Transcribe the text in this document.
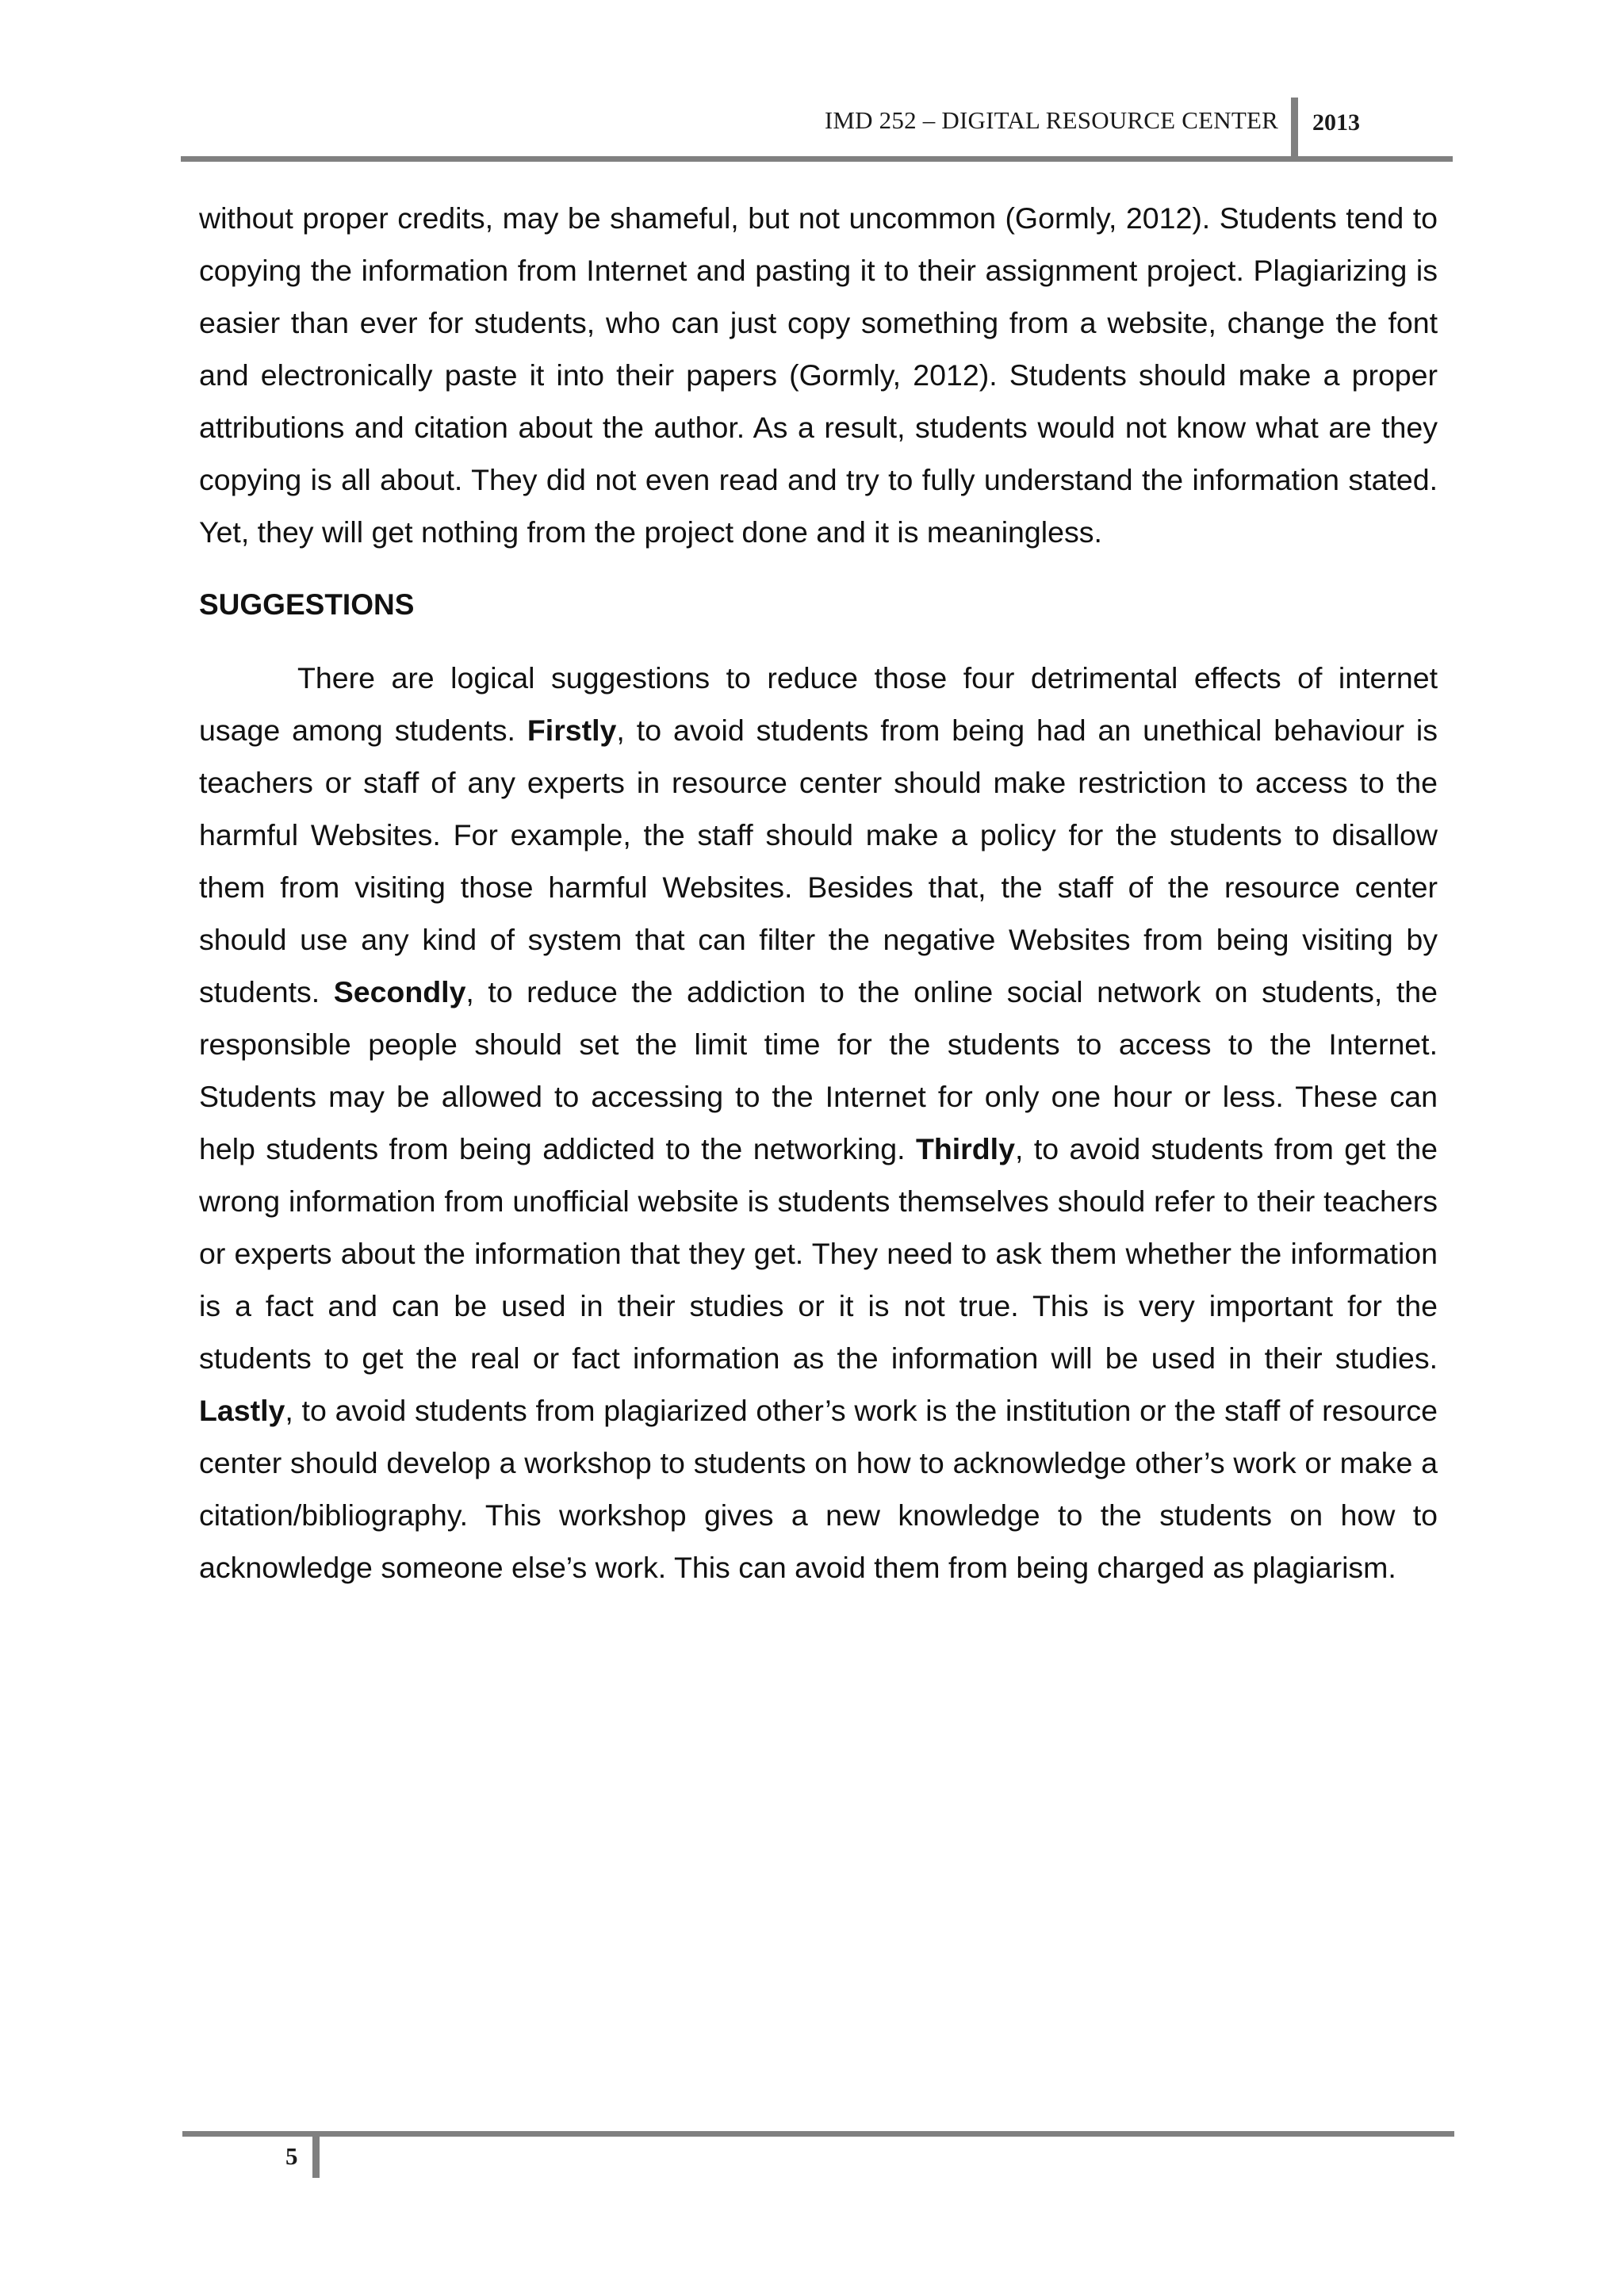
IMD 252 – DIGITAL RESOURCE CENTER 2013

without proper credits, may be shameful, but not uncommon (Gormly, 2012). Students tend to copying the information from Internet and pasting it to their assignment project. Plagiarizing is easier than ever for students, who can just copy something from a website, change the font and electronically paste it into their papers (Gormly, 2012). Students should make a proper attributions and citation about the author. As a result, students would not know what are they copying is all about. They did not even read and try to fully understand the information stated. Yet, they will get nothing from the project done and it is meaningless.

SUGGESTIONS

There are logical suggestions to reduce those four detrimental effects of internet usage among students. Firstly, to avoid students from being had an unethical behaviour is teachers or staff of any experts in resource center should make restriction to access to the harmful Websites. For example, the staff should make a policy for the students to disallow them from visiting those harmful Websites. Besides that, the staff of the resource center should use any kind of system that can filter the negative Websites from being visiting by students. Secondly, to reduce the addiction to the online social network on students, the responsible people should set the limit time for the students to access to the Internet. Students may be allowed to accessing to the Internet for only one hour or less. These can help students from being addicted to the networking. Thirdly, to avoid students from get the wrong information from unofficial website is students themselves should refer to their teachers or experts about the information that they get. They need to ask them whether the information is a fact and can be used in their studies or it is not true. This is very important for the students to get the real or fact information as the information will be used in their studies. Lastly, to avoid students from plagiarized other’s work is the institution or the staff of resource center should develop a workshop to students on how to acknowledge other’s work or make a citation/bibliography. This workshop gives a new knowledge to the students on how to acknowledge someone else’s work. This can avoid them from being charged as plagiarism.

5
